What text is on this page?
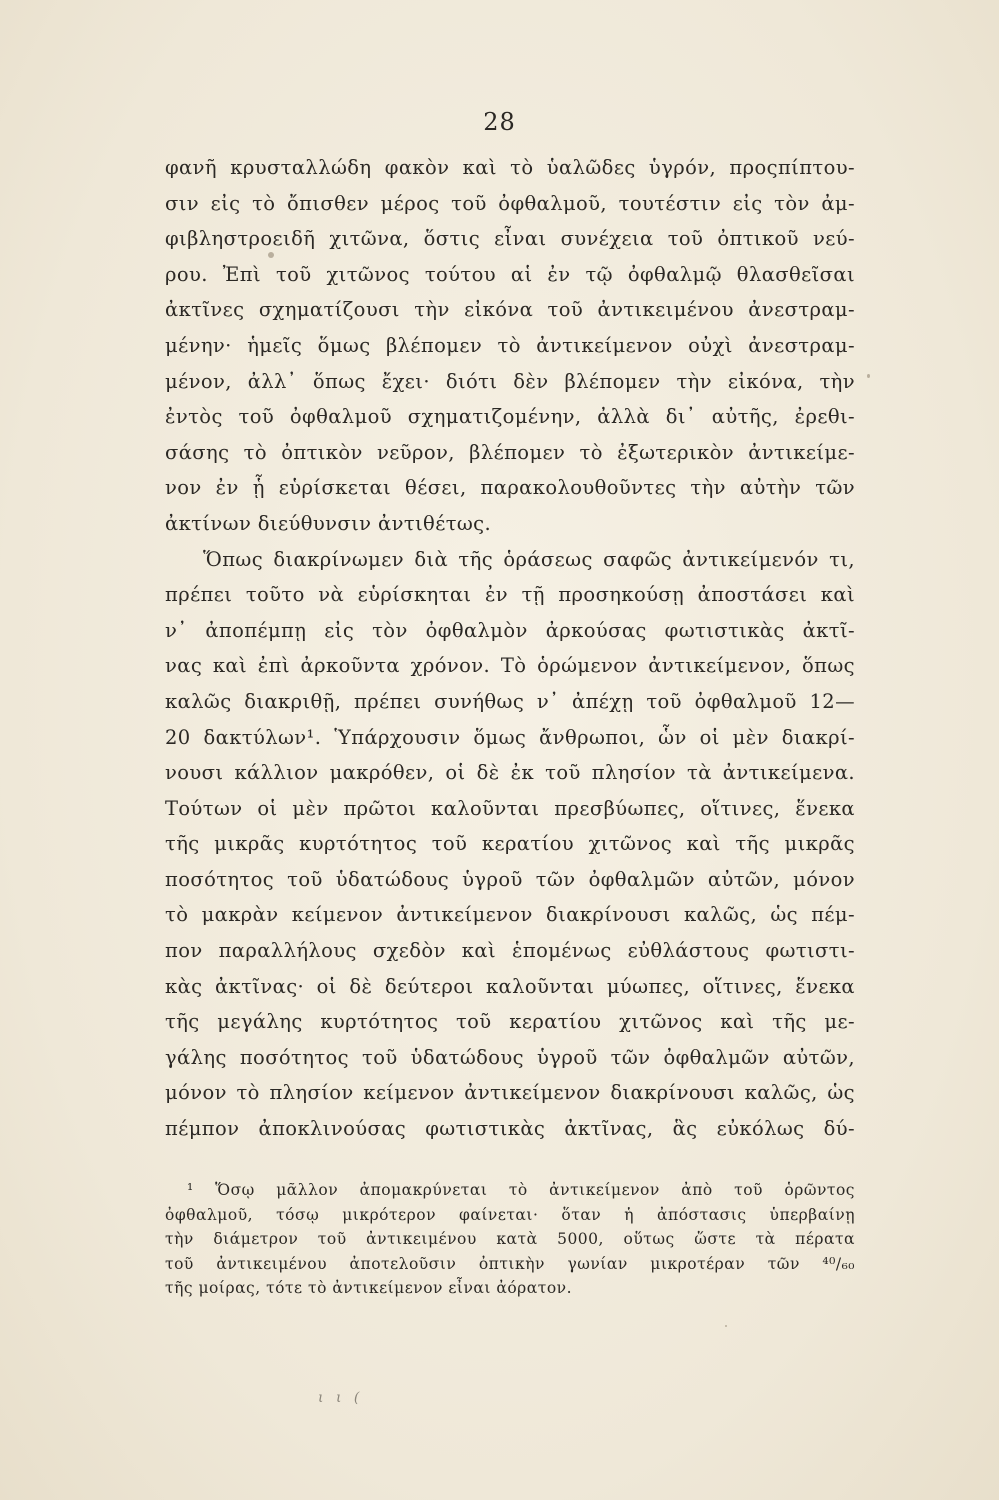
28
φανῆ κρυσταλλώδη φακὸν καὶ τὸ ὑαλῶδες ὑγρόν, προςπίπτου-
σιν εἰς τὸ ὄπισθεν μέρος τοῦ ὀφθαλμοῦ, τουτέστιν εἰς τὸν ἀμ-
φιβληστροειδῆ χιτῶνα, ὅστις εἶναι συνέχεια τοῦ ὀπτικοῦ νεύ-
ρου. Ἐπὶ τοῦ χιτῶνος τούτου αἱ ἐν τῷ ὀφθαλμῷ θλασθεῖσαι
ἀκτῖνες σχηματίζουσι τὴν εἰκόνα τοῦ ἀντικειμένου ἀνεστραμ-
μένην· ἡμεῖς ὅμως βλέπομεν τὸ ἀντικείμενον οὐχὶ ἀνεστραμ-
μένον, ἀλλ᾽ ὅπως ἔχει· διότι δὲν βλέπομεν τὴν εἰκόνα, τὴν
ἐντὸς τοῦ ὀφθαλμοῦ σχηματιζομένην, ἀλλὰ δι᾽ αὐτῆς, ἐρεθι-
σάσης τὸ ὀπτικὸν νεῦρον, βλέπομεν τὸ ἐξωτερικὸν ἀντικείμε-
νον ἐν ᾗ εὑρίσκεται θέσει, παρακολουθοῦντες τὴν αὐτὴν τῶν
ἀκτίνων διεύθυνσιν ἀντιθέτως.
Ὅπως διακρίνωμεν διὰ τῆς ὁράσεως σαφῶς ἀντικείμενόν τι,
πρέπει τοῦτο νὰ εὑρίσκηται ἐν τῇ προσηκούσῃ ἀποστάσει καὶ
ν᾽ ἀποπέμπῃ εἰς τὸν ὀφθαλμὸν ἀρκούσας φωτιστικὰς ἀκτῖ-
νας καὶ ἐπὶ ἀρκοῦντα χρόνον. Τὸ ὁρώμενον ἀντικείμενον, ὅπως
καλῶς διακριθῇ, πρέπει συνήθως ν᾽ ἀπέχῃ τοῦ ὀφθαλμοῦ 12—
20 δακτύλων¹. Ὑπάρχουσιν ὅμως ἄνθρωποι, ὧν οἱ μὲν διακρί-
νουσι κάλλιον μακρόθεν, οἱ δὲ ἐκ τοῦ πλησίον τὰ ἀντικείμενα.
Τούτων οἱ μὲν πρῶτοι καλοῦνται πρεσβύωπες, οἵτινες, ἕνεκα
τῆς μικρᾶς κυρτότητος τοῦ κερατίου χιτῶνος καὶ τῆς μικρᾶς
ποσότητος τοῦ ὑδατώδους ὑγροῦ τῶν ὀφθαλμῶν αὐτῶν, μόνον
τὸ μακρὰν κείμενον ἀντικείμενον διακρίνουσι καλῶς, ὡς πέμ-
πον παραλλήλους σχεδὸν καὶ ἑπομένως εὐθλάστους φωτιστι-
κὰς ἀκτῖνας· οἱ δὲ δεύτεροι καλοῦνται μύωπες, οἵτινες, ἕνεκα
τῆς μεγάλης κυρτότητος τοῦ κερατίου χιτῶνος καὶ τῆς με-
γάλης ποσότητος τοῦ ὑδατώδους ὑγροῦ τῶν ὀφθαλμῶν αὐτῶν,
μόνον τὸ πλησίον κείμενον ἀντικείμενον διακρίνουσι καλῶς, ὡς
πέμπον ἀποκλινούσας φωτιστικὰς ἀκτῖνας, ἃς εὐκόλως δύ-
¹ Ὅσῳ μᾶλλον ἀπομακρύνεται τὸ ἀντικείμενον ἀπὸ τοῦ ὁρῶντος
ὀφθαλμοῦ, τόσῳ μικρότερον φαίνεται· ὅταν ἡ ἀπόστασις ὑπερβαίνῃ
τὴν διάμετρον τοῦ ἀντικειμένου κατὰ 5000, οὕτως ὥστε τὰ πέρατα
τοῦ ἀντικειμένου ἀποτελοῦσιν ὀπτικὴν γωνίαν μικροτέραν τῶν ⁴⁰/₆₀
τῆς μοίρας, τότε τὸ ἀντικείμενον εἶναι ἀόρατον.
ι ι (
